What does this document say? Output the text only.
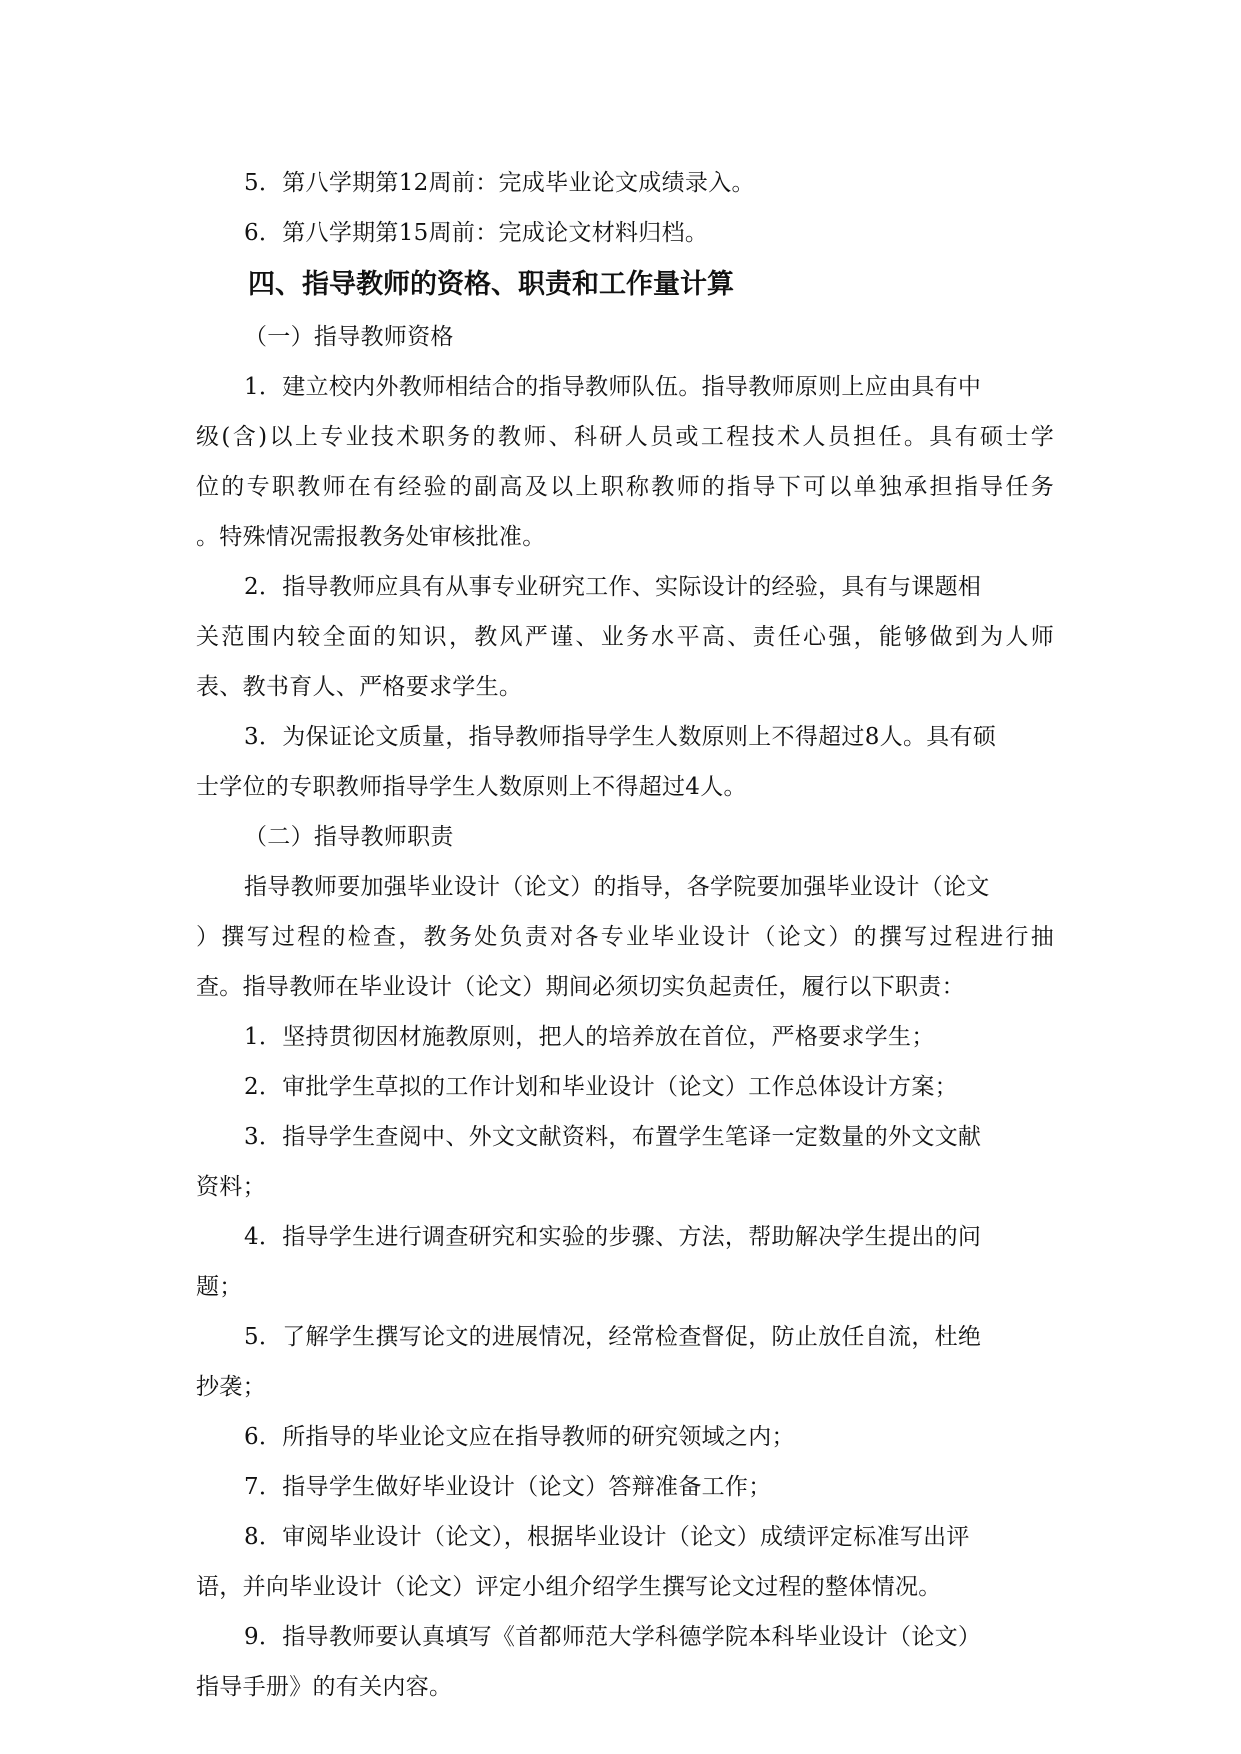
5．第八学期第12周前：完成毕业论文成绩录入。
6．第八学期第15周前：完成论文材料归档。
四、指导教师的资格、职责和工作量计算
（一）指导教师资格
1．建立校内外教师相结合的指导教师队伍。指导教师原则上应由具有中
级(含)以上专业技术职务的教师、科研人员或工程技术人员担任。具有硕士学
位的专职教师在有经验的副高及以上职称教师的指导下可以单独承担指导任务
。特殊情况需报教务处审核批准。
2．指导教师应具有从事专业研究工作、实际设计的经验，具有与课题相
关范围内较全面的知识，教风严谨、业务水平高、责任心强，能够做到为人师
表、教书育人、严格要求学生。
3．为保证论文质量，指导教师指导学生人数原则上不得超过8人。具有硕
士学位的专职教师指导学生人数原则上不得超过4人。
（二）指导教师职责
指导教师要加强毕业设计（论文）的指导，各学院要加强毕业设计（论文
）撰写过程的检查，教务处负责对各专业毕业设计（论文）的撰写过程进行抽
查。指导教师在毕业设计（论文）期间必须切实负起责任，履行以下职责：
1．坚持贯彻因材施教原则，把人的培养放在首位，严格要求学生；
2．审批学生草拟的工作计划和毕业设计（论文）工作总体设计方案；
3．指导学生查阅中、外文文献资料，布置学生笔译一定数量的外文文献
资料；
4．指导学生进行调查研究和实验的步骤、方法，帮助解决学生提出的问
题；
5．了解学生撰写论文的进展情况，经常检查督促，防止放任自流，杜绝
抄袭；
6．所指导的毕业论文应在指导教师的研究领域之内；
7．指导学生做好毕业设计（论文）答辩准备工作；
8．审阅毕业设计（论文），根据毕业设计（论文）成绩评定标准写出评
语，并向毕业设计（论文）评定小组介绍学生撰写论文过程的整体情况。
9．指导教师要认真填写《首都师范大学科德学院本科毕业设计（论文）
指导手册》的有关内容。
